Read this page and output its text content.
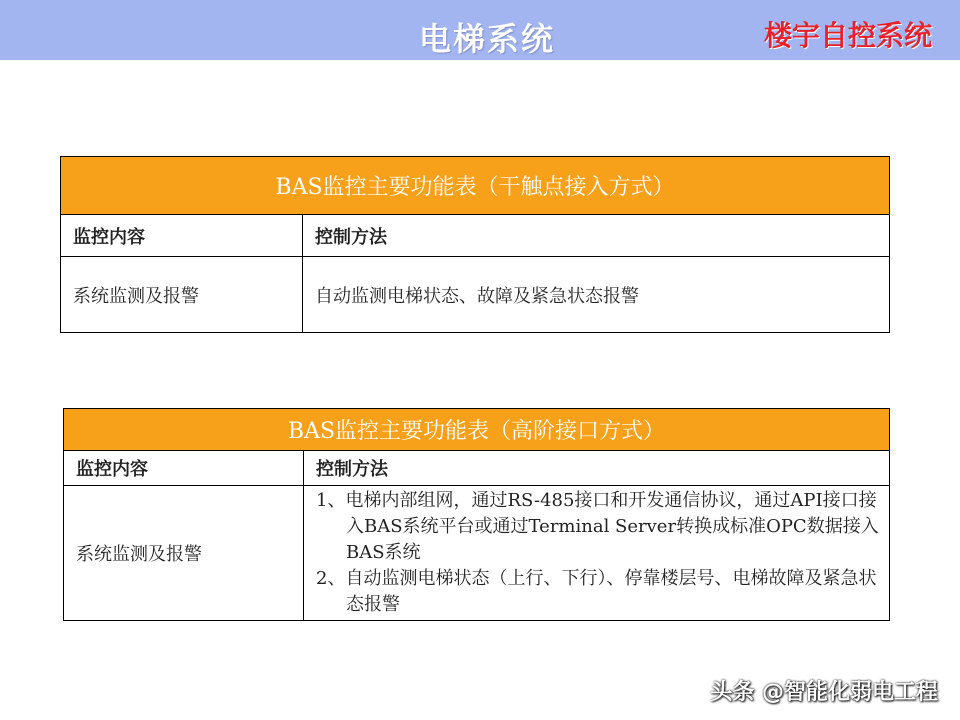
电梯系统	楼宇自控系统
BAS监控主要功能表（干触点接入方式）	
监控内容	控制方法
系统监测及报警	自动监测电梯状态、故障及紧急状态报警
BAS监控主要功能表（高阶接口方式）	
监控内容	控制方法
系统监测及报警	1、电梯内部组网，通过RS-485接口和开发通信协议，通过API接口接入BAS系统平台或通过Terminal Server转换成标准OPC数据接入BAS系统
2、自动监测电梯状态（上行、下行）、停靠楼层号、电梯故障及紧急状态报警
头条 @智能化弱电工程
